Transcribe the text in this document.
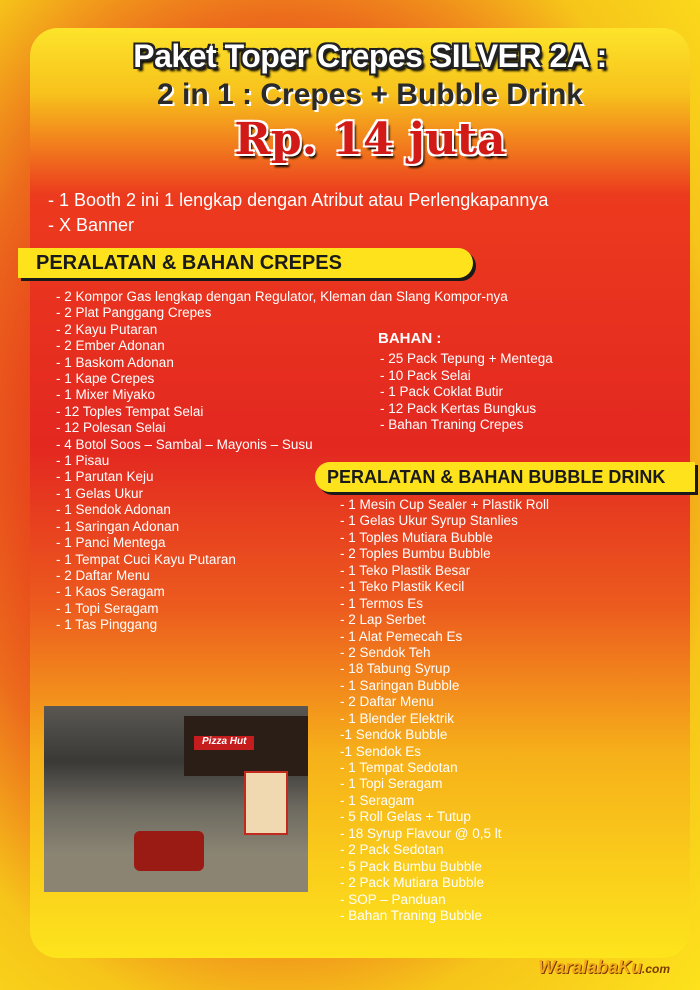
Paket Toper Crepes SILVER 2A :
2 in 1 : Crepes + Bubble Drink
Rp. 14 juta
- 1 Booth 2 ini 1 lengkap dengan Atribut atau Perlengkapannya
- X Banner
PERALATAN & BAHAN CREPES
- 2 Kompor Gas lengkap dengan Regulator, Kleman dan Slang Kompor-nya
- 2 Plat Panggang Crepes
- 2 Kayu Putaran
- 2 Ember Adonan
- 1 Baskom Adonan
- 1 Kape Crepes
- 1 Mixer Miyako
- 12 Toples Tempat Selai
- 12 Polesan Selai
- 4 Botol Soos – Sambal – Mayonis – Susu
- 1 Pisau
- 1 Parutan Keju
- 1 Gelas Ukur
- 1 Sendok Adonan
- 1 Saringan Adonan
- 1 Panci Mentega
- 1 Tempat Cuci Kayu Putaran
- 2 Daftar Menu
- 1 Kaos Seragam
- 1 Topi Seragam
- 1 Tas Pinggang
BAHAN :
- 25 Pack Tepung + Mentega
- 10 Pack Selai
- 1 Pack Coklat Butir
- 12 Pack Kertas Bungkus
- Bahan Traning Crepes
PERALATAN & BAHAN BUBBLE DRINK
- 1 Mesin Cup Sealer + Plastik Roll
- 1 Gelas Ukur Syrup Stanlies
- 1 Toples Mutiara Bubble
- 2 Toples Bumbu Bubble
- 1 Teko Plastik Besar
- 1 Teko Plastik Kecil
- 1 Termos Es
- 2 Lap Serbet
- 1 Alat Pemecah Es
- 2 Sendok Teh
- 18 Tabung Syrup
- 1 Saringan Bubble
- 2 Daftar Menu
- 1 Blender Elektrik
-1 Sendok Bubble
-1 Sendok Es
- 1 Tempat Sedotan
- 1 Topi Seragam
- 1 Seragam
- 5 Roll Gelas + Tutup
- 18 Syrup Flavour @ 0,5 lt
- 2 Pack Sedotan
- 5 Pack Bumbu Bubble
- 2 Pack Mutiara Bubble
- SOP – Panduan
- Bahan Traning Bubble
Pizza Hut
WaralabaKu.com
